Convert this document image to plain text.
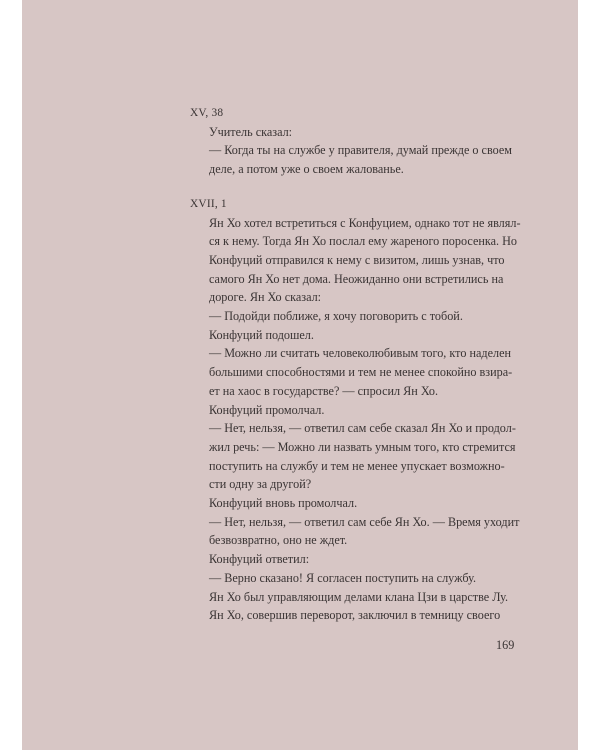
XV, 38
Учитель сказал:
— Когда ты на службе у правителя, думай прежде о своем
деле, а потом уже о своем жалованье.
XVII, 1
Ян Хо хотел встретиться с Конфуцием, однако тот не являл-
ся к нему. Тогда Ян Хо послал ему жареного поросенка. Но
Конфуций отправился к нему с визитом, лишь узнав, что
самого Ян Хо нет дома. Неожиданно они встретились на
дороге. Ян Хо сказал:
— Подойди поближе, я хочу поговорить с тобой.
Конфуций подошел.
— Можно ли считать человеколюбивым того, кто наделен
большими способностями и тем не менее спокойно взира-
ет на хаос в государстве? — спросил Ян Хо.
Конфуций промолчал.
— Нет, нельзя, — ответил сам себе сказал Ян Хо и продол-
жил речь: — Можно ли назвать умным того, кто стремится
поступить на службу и тем не менее упускает возможно-
сти одну за другой?
Конфуций вновь промолчал.
— Нет, нельзя, — ответил сам себе Ян Хо. — Время уходит
безвозвратно, оно не ждет.
Конфуций ответил:
— Верно сказано! Я согласен поступить на службу.
Ян Хо был управляющим делами клана Цзи в царстве Лу.
Ян Хо, совершив переворот, заключил в темницу своего
169
